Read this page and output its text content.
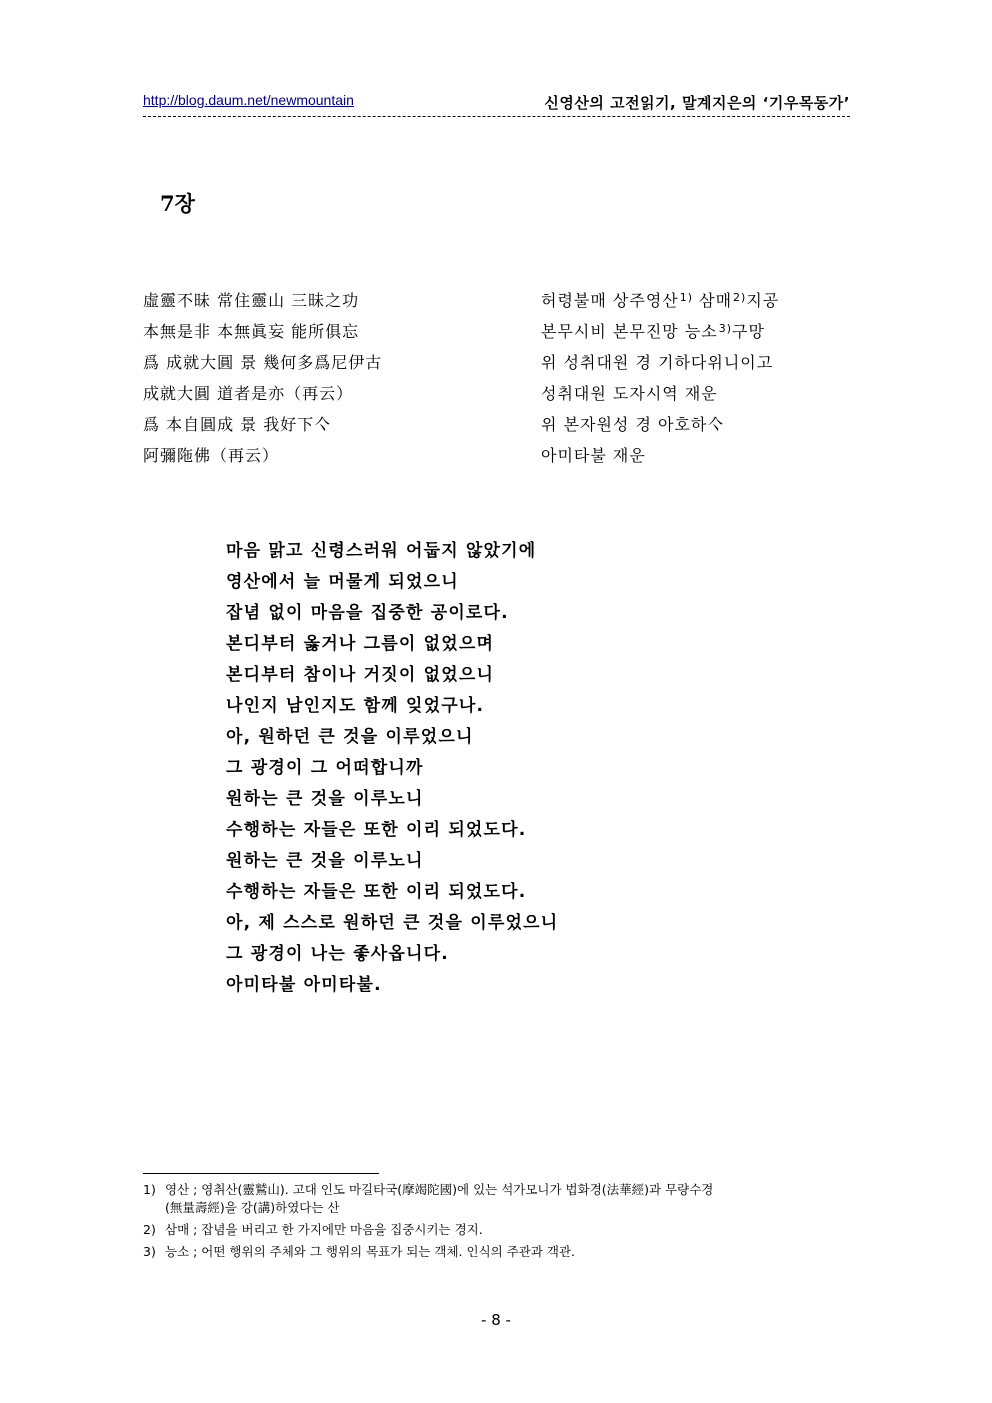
http://blog.daum.net/newmountain	신영산의 고전읽기, 말계지은의 ‘기우목동가’
7장
虛靈不昧 常住靈山 三昧之功
本無是非 本無眞妄 能所俱忘
爲 成就大圓 景 幾何多爲尼伊古
成就大圓 道者是亦（再云）
爲 本自圓成 景 我好下亽
阿彌陁佛（再云）
허령불매 상주영산$^{1)}$ 삼매$^{2)}$지공
본무시비 본무진망 능소$^{3)}$구망
위 성취대원 경 기하다위니이고
성취대원 도자시역 재운
위 본자원성 경 아호하亽
아미타불 재운
마음 맑고 신령스러워 어둡지 않았기에
영산에서 늘 머물게 되었으니
잡념 없이 마음을 집중한 공이로다.
본디부터 옳거나 그름이 없었으며
본디부터 참이나 거짓이 없었으니
나인지 남인지도 함께 잊었구나.
아, 원하던 큰 것을 이루었으니
그 광경이 그 어떠합니까
원하는 큰 것을 이루노니
수행하는 자들은 또한 이리 되었도다.
원하는 큰 것을 이루노니
수행하는 자들은 또한 이리 되었도다.
아, 제 스스로 원하던 큰 것을 이루었으니
그 광경이 나는 좋사옵니다.
아미타불 아미타불.
1) 영산 ; 영취산(靈鷲山). 고대 인도 마길타국(摩竭陀國)에 있는 석가모니가 법화경(法華經)과 무량수경
(無量壽經)을 강(講)하였다는 산
2) 삼매 ; 잡념을 버리고 한 가지에만 마음을 집중시키는 경지.
3) 능소 ; 어떤 행위의 주체와 그 행위의 목표가 되는 객체. 인식의 주관과 객관.
- 8 -
